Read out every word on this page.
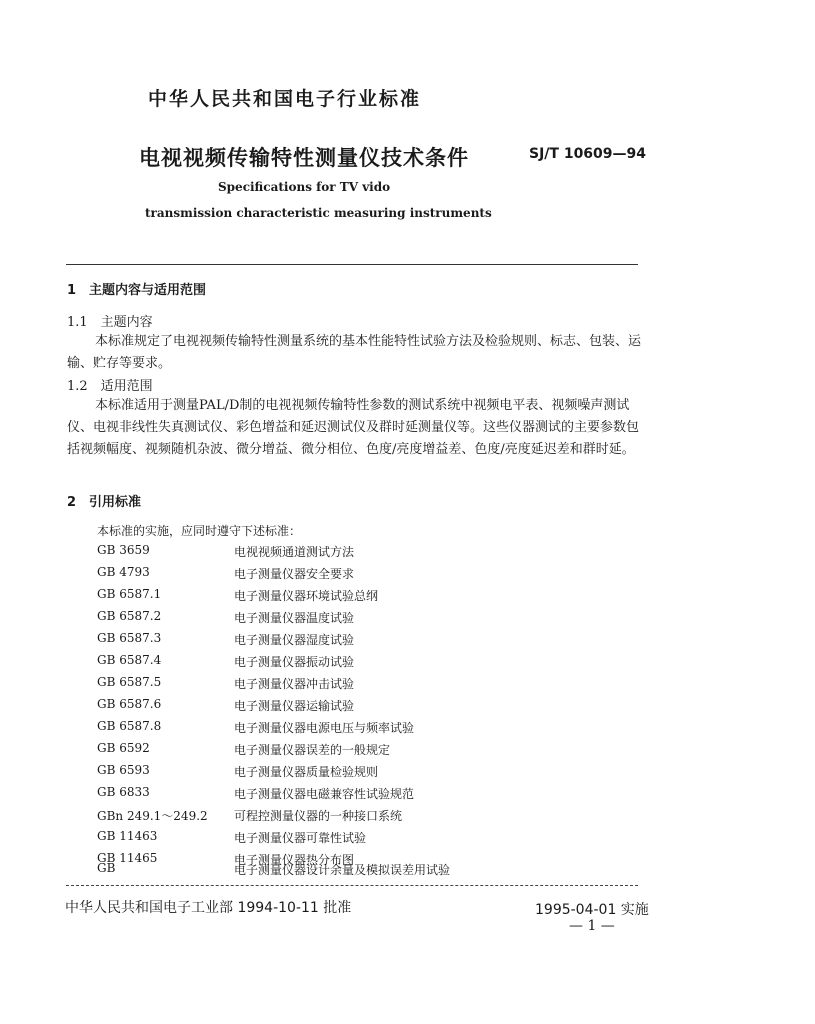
中华人民共和国电子行业标准
电视视频传输特性测量仪技术条件	SJ/T 10609—94
Specifications for TV vido
transmission characteristic measuring instruments
1　主题内容与适用范围
1.1　主题内容
本标准规定了电视视频传输特性测量系统的基本性能特性试验方法及检验规则、标志、包装、运输、贮存等要求。
1.2　适用范围
本标准适用于测量PAL/D制的电视视频传输特性参数的测试系统中视频电平表、视频噪声测试仪、电视非线性失真测试仪、彩色增益和延迟测试仪及群时延测量仪等。这些仪器测试的主要参数包括视频幅度、视频随机杂波、微分增益、微分相位、色度/亮度增益差、色度/亮度延迟差和群时延。
2　引用标准
本标准的实施，应同时遵守下述标准：
GB 3659	电视视频通道测试方法
GB 4793	电子测量仪器安全要求
GB 6587.1	电子测量仪器环境试验总纲
GB 6587.2	电子测量仪器温度试验
GB 6587.3	电子测量仪器湿度试验
GB 6587.4	电子测量仪器振动试验
GB 6587.5	电子测量仪器冲击试验
GB 6587.6	电子测量仪器运输试验
GB 6587.8	电子测量仪器电源电压与频率试验
GB 6592	电子测量仪器误差的一般规定
GB 6593	电子测量仪器质量检验规则
GB 6833	电子测量仪器电磁兼容性试验规范
GBn 249.1～249.2 可程控测量仪器的一种接口系统
GB 11463	电子测量仪器可靠性试验
GB 11465	电子测量仪器热分布图
GB	电子测量仪器设计余量及模拟误差用试验
中华人民共和国电子工业部 1994-10-11 批准	1995-04-01 实施
— 1 —
